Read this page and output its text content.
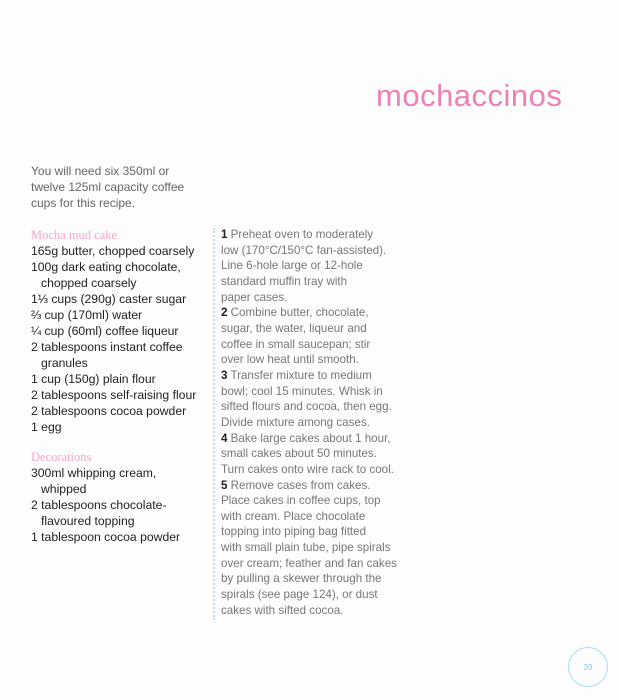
mochaccinos
You will need six 350ml or
twelve 125ml capacity coffee
cups for this recipe.
Mocha mud cake
165g butter, chopped coarsely
100g dark eating chocolate,
chopped coarsely
1⅓ cups (290g) caster sugar
⅔ cup (170ml) water
¼ cup (60ml) coffee liqueur
2 tablespoons instant coffee
granules
1 cup (150g) plain flour
2 tablespoons self-raising flour
2 tablespoons cocoa powder
1 egg
Decorations
300ml whipping cream,
whipped
2 tablespoons chocolate-
flavoured topping
1 tablespoon cocoa powder
1 Preheat oven to moderately
low (170°C/150°C fan-assisted).
Line 6-hole large or 12-hole
standard muffin tray with
paper cases.
2 Combine butter, chocolate,
sugar, the water, liqueur and
coffee in small saucepan; stir
over low heat until smooth.
3 Transfer mixture to medium
bowl; cool 15 minutes. Whisk in
sifted flours and cocoa, then egg.
Divide mixture among cases.
4 Bake large cakes about 1 hour,
small cakes about 50 minutes.
Turn cakes onto wire rack to cool.
5 Remove cases from cakes.
Place cakes in coffee cups, top
with cream. Place chocolate
topping into piping bag fitted
with small plain tube, pipe spirals
over cream; feather and fan cakes
by pulling a skewer through the
spirals (see page 124), or dust
cakes with sifted cocoa.
39
